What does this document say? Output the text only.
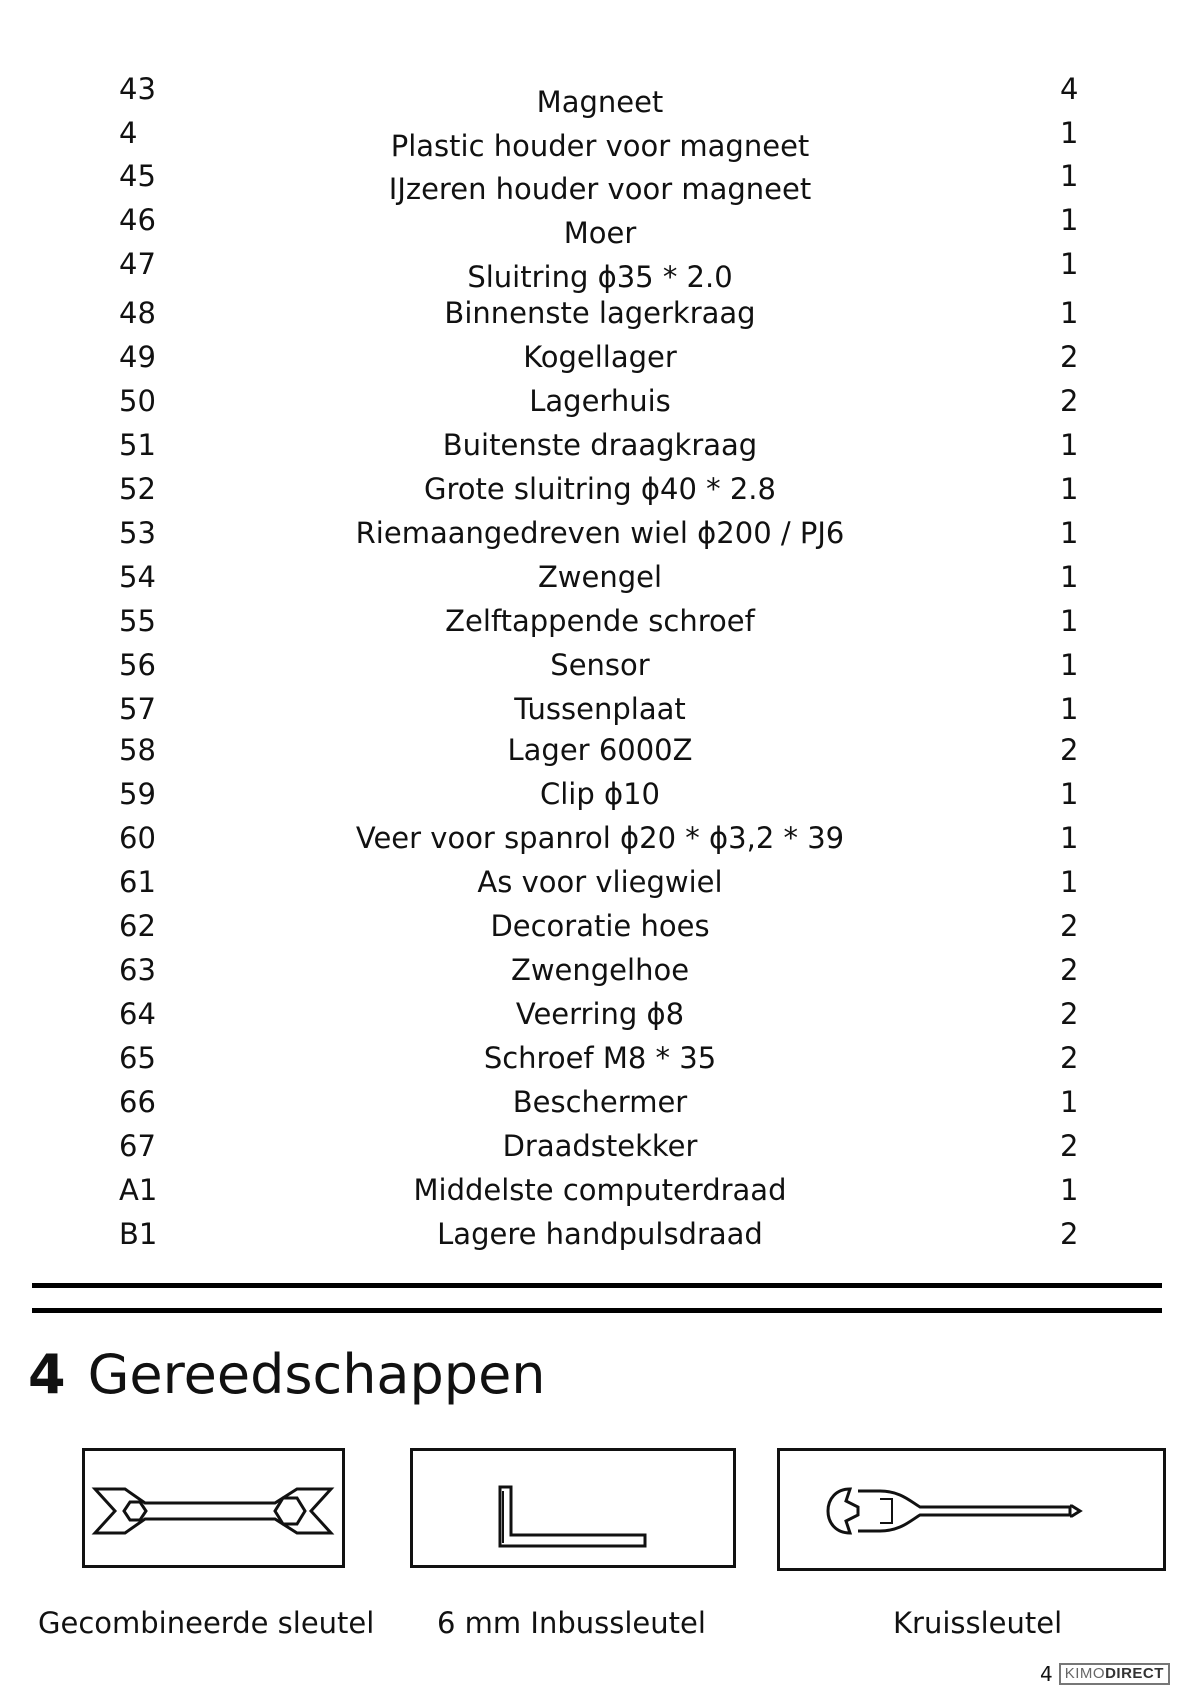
43	Magneet	4
4	Plastic houder voor magneet	1
45	IJzeren houder voor magneet	1
46	Moer	1
47	Sluitring ϕ35 * 2.0	1
48	Binnenste lagerkraag	1
49	Kogellager	2
50	Lagerhuis	2
51	Buitenste draagkraag	1
52	Grote sluitring ϕ40 * 2.8	1
53	Riemaangedreven wiel ϕ200 / PJ6	1
54	Zwengel	1
55	Zelftappende schroef	1
56	Sensor	1
57	Tussenplaat	1
58	Lager 6000Z	2
59	Clip ϕ10	1
60	Veer voor spanrol ϕ20 * ϕ3,2 * 39	1
61	As voor vliegwiel	1
62	Decoratie hoes	2
63	Zwengelhoe	2
64	Veerring ϕ8	2
65	Schroef M8 * 35	2
66	Beschermer	1
67	Draadstekker	2
A1	Middelste computerdraad	1
B1	Lagere handpulsdraad	2
4 Gereedschappen
Gecombineerde sleutel 6 mm Inbussleutel	Kruissleutel
4 KIMODIRECT
